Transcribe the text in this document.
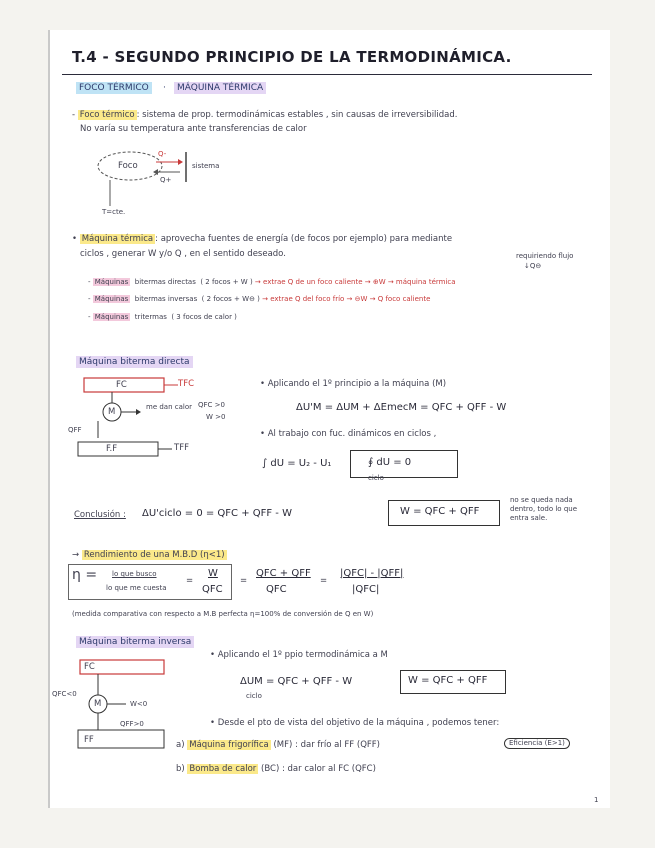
T.4 - SEGUNDO PRINCIPIO DE LA TERMODINÁMICA.
FOCO TÉRMICO	·	MÁQUINA TÉRMICA
- Foco térmico : sistema de prop. termodinámicas estables , sin causas de irreversibilidad.
No varía su temperatura ante transferencias de calor
Foco
Q-
Q+
sistema
T=cte.
• Máquina térmica : aprovecha fuentes de energía (de focos por ejemplo) para mediante
ciclos , generar W y/o Q , en el sentido deseado.	requiriendo flujo
↓Q⊖
- Máquinas bitermas directas ( 2 focos + W ) → extrae Q de un foco caliente → ⊕W → máquina térmica
- Máquinas bitermas inversas ( 2 focos + W⊖ ) → extrae Q del foco frío → ⊖W → Q foco caliente
- Máquinas tritermas ( 3 focos de calor )
Máquina biterma directa
FC	TFC
M	me dan calor QFC >0
W >0
QFF
F.F	TFF
• Aplicando el 1º principio a la máquina (M)
ΔU'M = ΔUM + ΔEmecM = QFC + QFF - W
• Al trabajo con fuc. dinámicos en ciclos ,
∫ dU = U₂ - U₁	∮ dU = 0
ciclo
Conclusión : ΔU'ciclo = 0 = QFC + QFF - W	W = QFC + QFF
no se queda nada dentro, todo lo que entra sale.
→ Rendimiento de una M.B.D (η<1)
η = lo que busco
lo que me cuesta
=
W
QFC
=
QFC + QFF
QFC
=
|QFC| - |QFF|
|QFC|
(medida comparativa con respecto a M.B perfecta η=100% de conversión de Q en W)
Máquina biterma inversa
FC
QFC<0
M	W<0
QFF>0
FF
• Aplicando el 1º ppio termodinámica a M
ΔUM = QFC + QFF - W
ciclo
W = QFC + QFF
• Desde el pto de vista del objetivo de la máquina , podemos tener:
a) Máquina frigorífica (MF) : dar frío al FF (QFF)	Eficiencia (E>1)
b) Bomba de calor (BC) : dar calor al FC (QFC)
1
